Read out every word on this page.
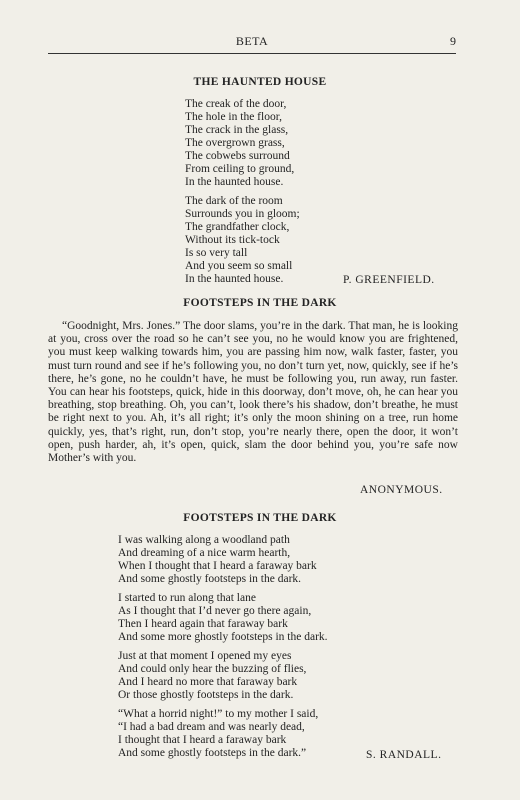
BETA	9
THE HAUNTED HOUSE
The creak of the door,
The hole in the floor,
The crack in the glass,
The overgrown grass,
The cobwebs surround
From ceiling to ground,
In the haunted house.
The dark of the room
Surrounds you in gloom;
The grandfather clock,
Without its tick-tock
Is so very tall
And you seem so small
In the haunted house.	P. GREENFIELD.
FOOTSTEPS IN THE DARK

“Goodnight, Mrs. Jones.” The door slams, you’re in the dark. That man, he is looking at you, cross over the road so he can’t see you, no he would know you are frightened, you must keep walking towards him, you are passing him now, walk faster, faster, you must turn round and see if he’s following you, no don’t turn yet, now, quickly, see if he’s there, he’s gone, no he couldn’t have, he must be following you, run away, run faster. You can hear his footsteps, quick, hide in this doorway, don’t move, oh, he can hear you breathing, stop breathing. Oh, you can’t, look there’s his shadow, don’t breathe, he must be right next to you. Ah, it’s all right; it’s only the moon shining on a tree, run home quickly, yes, that’s right, run, don’t stop, you’re nearly there, open the door, it won’t open, push harder, ah, it’s open, quick, slam the door behind you, you’re safe now Mother’s with you.

ANONYMOUS.
FOOTSTEPS IN THE DARK
I was walking along a woodland path
And dreaming of a nice warm hearth,
When I thought that I heard a faraway bark
And some ghostly footsteps in the dark.
I started to run along that lane
As I thought that I’d never go there again,
Then I heard again that faraway bark
And some more ghostly footsteps in the dark.
Just at that moment I opened my eyes
And could only hear the buzzing of flies,
And I heard no more that faraway bark
Or those ghostly footsteps in the dark.
“What a horrid night!” to my mother I said,
“I had a bad dream and was nearly dead,
I thought that I heard a faraway bark
And some ghostly footsteps in the dark.”	S. RANDALL.
